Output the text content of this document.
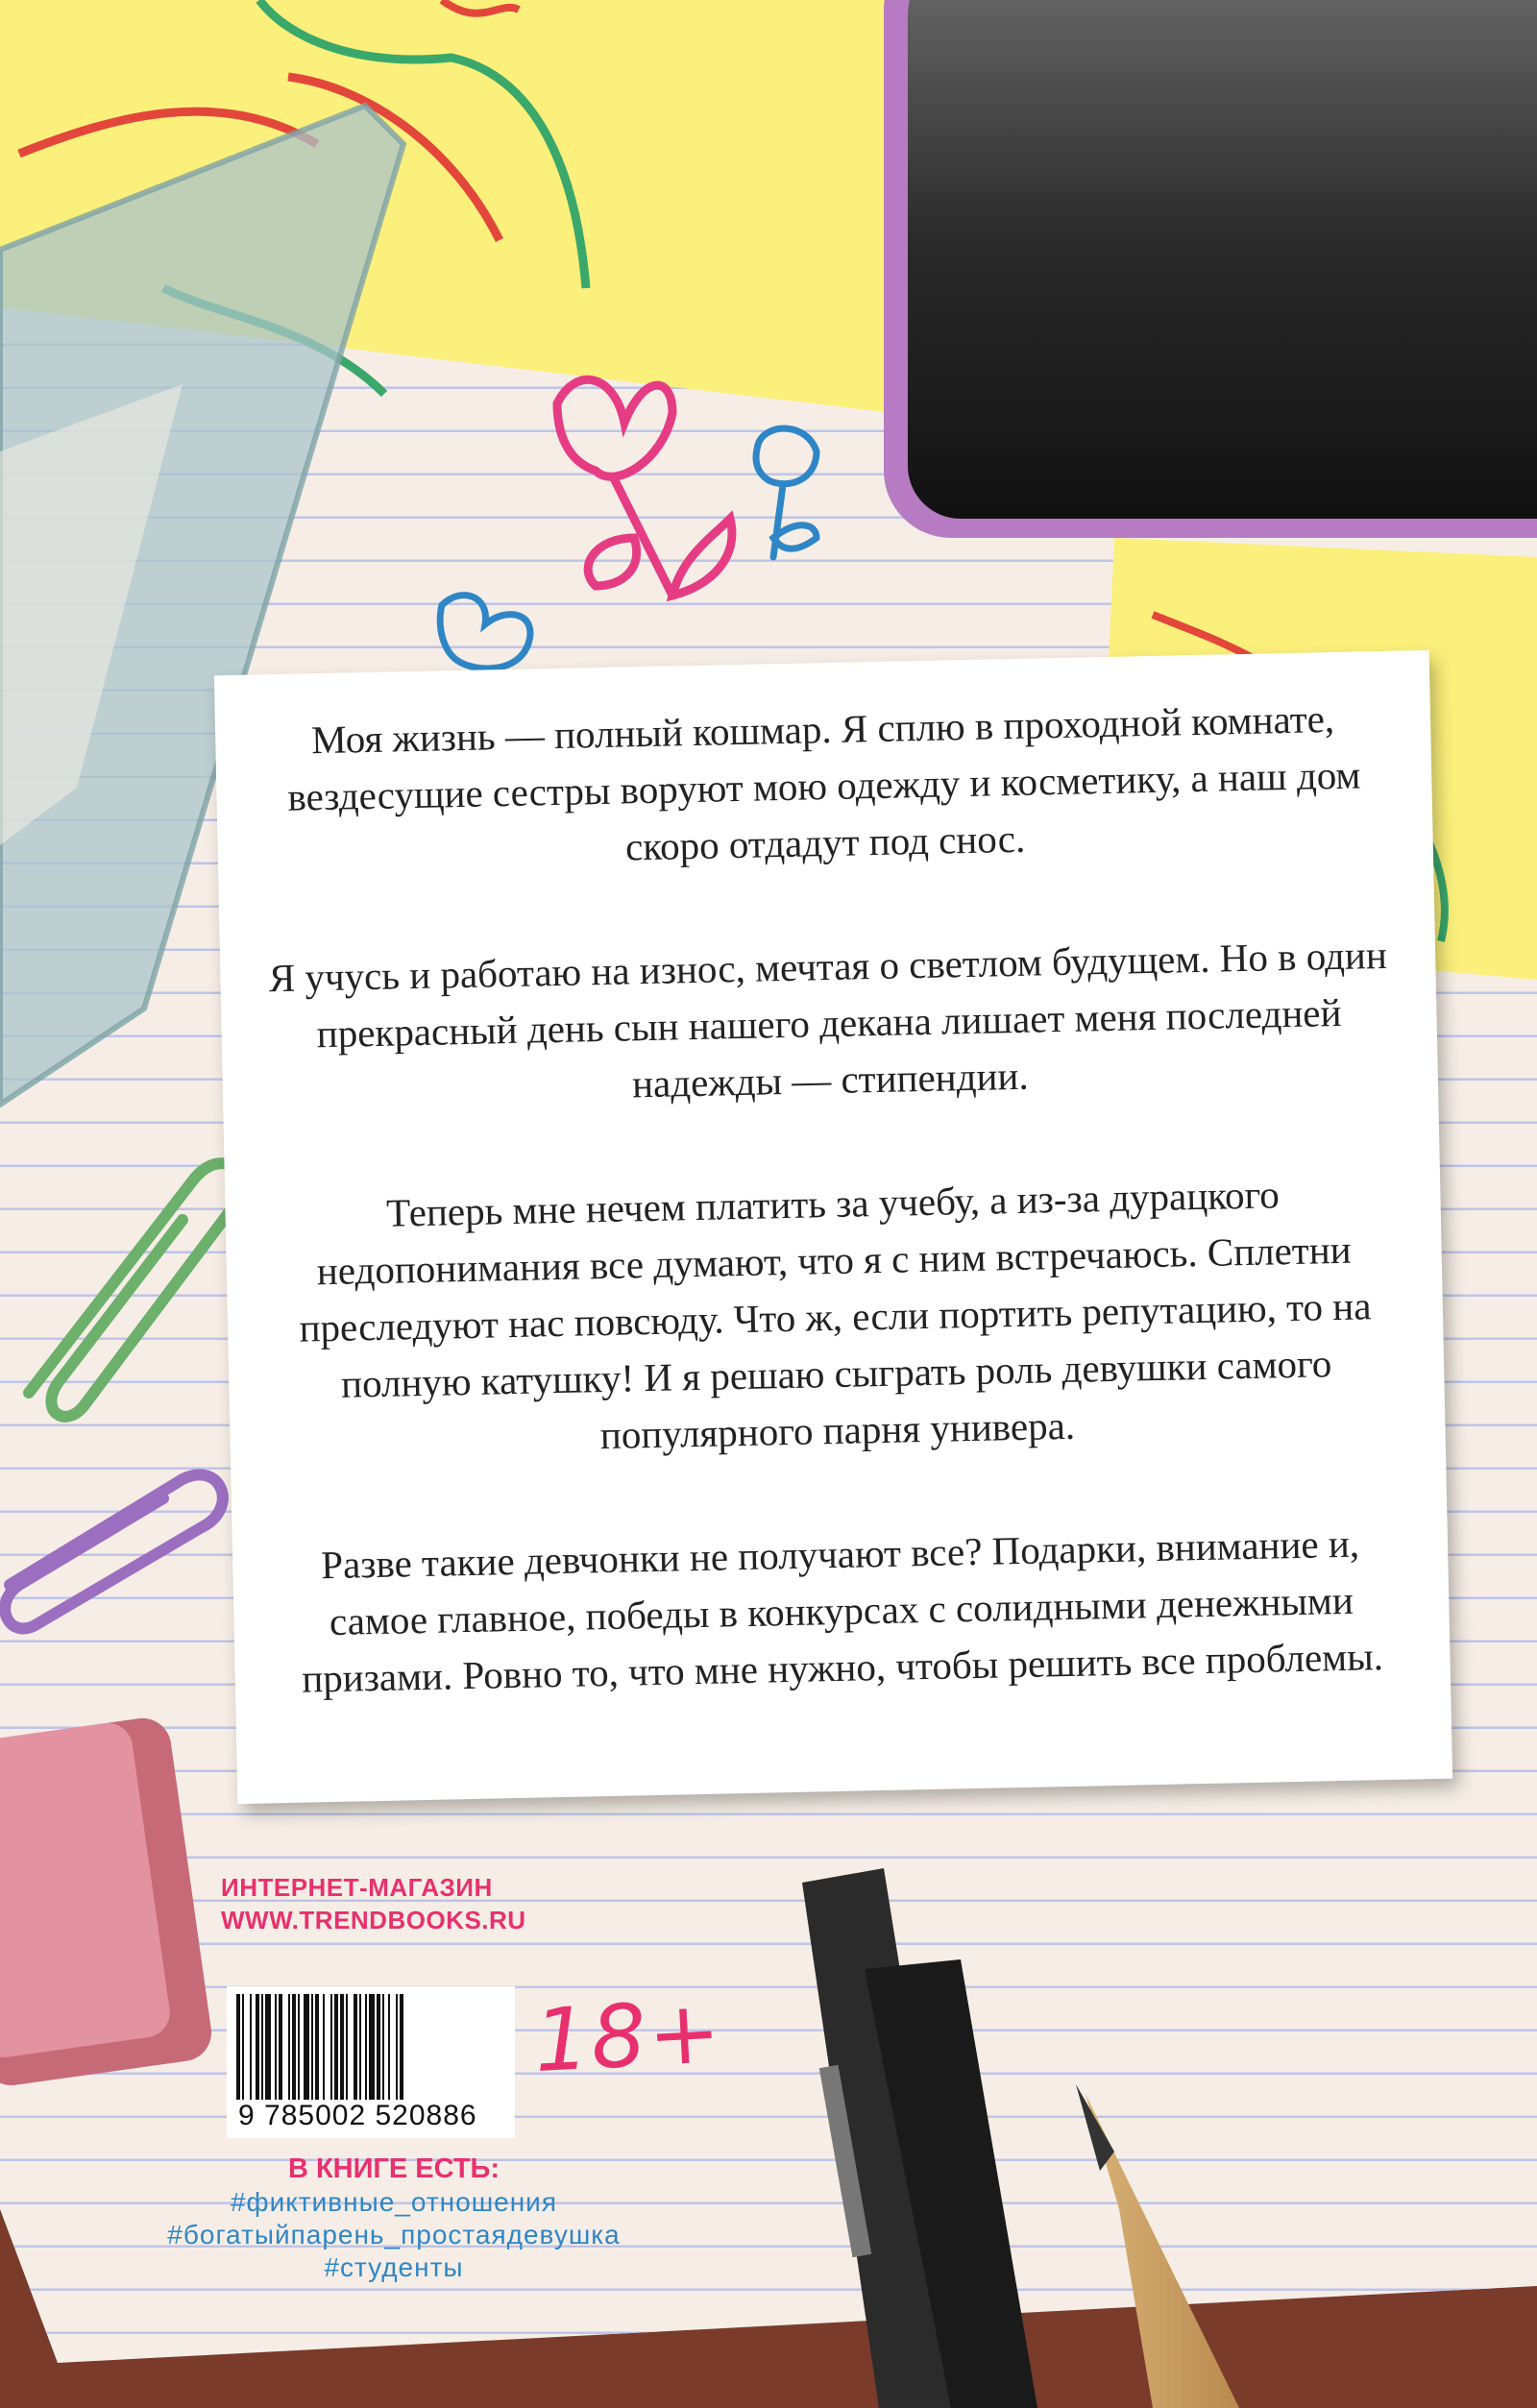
Моя жизнь — полный кошмар. Я сплю в проходной комнате, вездесущие сестры воруют мою одежду и косметику, а наш дом скоро отдадут под снос.

Я учусь и работаю на износ, мечтая о светлом будущем. Но в один прекрасный день сын нашего декана лишает меня последней надежды — стипендии.

Теперь мне нечем платить за учебу, а из-за дурацкого недопонимания все думают, что я с ним встречаюсь. Сплетни преследуют нас повсюду. Что ж, если портить репутацию, то на полную катушку! И я решаю сыграть роль девушки самого популярного парня универа.

Разве такие девчонки не получают все? Подарки, внимание и, самое главное, победы в конкурсах с солидными денежными призами. Ровно то, что мне нужно, чтобы решить все проблемы.

ИНТЕРНЕТ-МАГАЗИН
WWW.TRENDBOOKS.RU
9 785002 520886
18+
В КНИГЕ ЕСТЬ:
#фиктивные_отношения
#богатыйпарень_простаядевушка
#студенты
